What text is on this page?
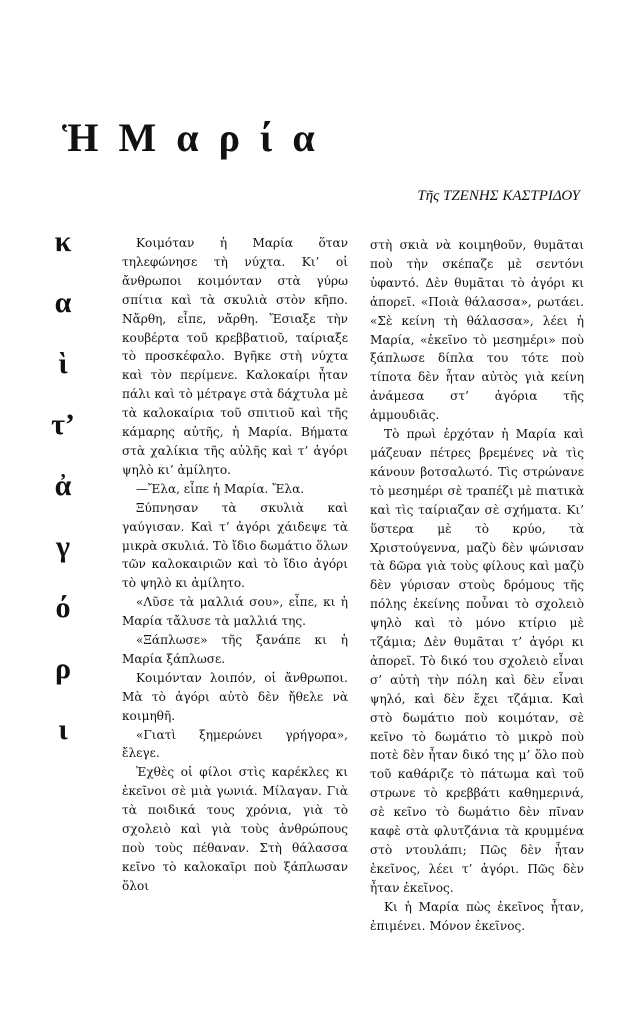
Ἡ Μαρία
Τῆς ΤΖΕΝΗΣ ΚΑΣΤΡΙΔΟΥ
κ
α
ὶ
τ’
ἀ
γ
ό
ρ
ι

Κοιμόταν ἡ Μαρία ὅταν τηλεφώνησε τὴ νύχτα. Κι’ οἱ ἄνθρωποι κοιμόνταν στὰ γύρω σπίτια καὶ τὰ σκυλιὰ στὸν κῆπο. Νἄρθη, εἶπε, νἄρθη. Ἔσιαξε τὴν κουβέρτα τοῦ κρεββατιοῦ, ταίριαξε τὸ προσκέφαλο. Βγῆκε στὴ νύχτα καὶ τὸν περίμενε. Καλοκαίρι ἦταν πάλι καὶ τὸ μέτραγε στὰ δάχτυλα μὲ τὰ καλοκαίρια τοῦ σπιτιοῦ καὶ τῆς κάμαρης αὐτῆς, ἡ Μαρία. Βήματα στὰ χαλίκια τῆς αὐλῆς καὶ τ’ ἀγόρι ψηλὸ κι’ ἀμίλητο.

—Ἔλα, εἶπε ἡ Μαρία. Ἔλα.

Ξύπνησαν τὰ σκυλιὰ καὶ γαύγισαν. Καὶ τ’ ἀγόρι χάιδεψε τὰ μικρὰ σκυλιά. Τὸ ἴδιο δωμάτιο ὅλων τῶν καλοκαιριῶν καὶ τὸ ἴδιο ἀγόρι τὸ ψηλὸ κι ἀμίλητο.

«Λῦσε τὰ μαλλιά σου», εἶπε, κι ἡ Μαρία τἄλυσε τὰ μαλλιά της.

«Ξάπλωσε» τῆς ξανάπε κι ἡ Μαρία ξάπλωσε.

Κοιμόνταν λοιπόν, οἱ ἄνθρωποι. Μὰ τὸ ἀγόρι αὐτὸ δὲν ἤθελε νὰ κοιμηθῆ.

«Γιατὶ ξημερώνει γρήγορα», ἔλεγε.

Ἐχθὲς οἱ φίλοι στὶς καρέκλες κι ἐκεῖνοι σὲ μιὰ γωνιά. Μίλαγαν. Γιὰ τὰ ποιδικά τους χρόνια, γιὰ τὸ σχολειὸ καὶ γιὰ τοὺς ἀνθρώπους ποὺ τοὺς πέθαναν. Στὴ θάλασσα κεῖνο τὸ καλοκαῖρι ποὺ ξάπλωσαν ὅλοι

στὴ σκιὰ νὰ κοιμηθοῦν, θυμᾶται ποὺ τὴν σκέπαζε μὲ σεντόνι ὑφαντό. Δὲν θυμᾶται τὸ ἀγόρι κι ἀπορεῖ. «Ποιὰ θάλασσα», ρωτάει. «Σὲ κείνη τὴ θάλασσα», λέει ἡ Μαρία, «ἐκεῖνο τὸ μεσημέρι» ποὺ ξάπλωσε δίπλα του τότε ποὺ τίποτα δὲν ἦταν αὐτὸς γιὰ κείνη ἀνάμεσα στ’ ἀγόρια τῆς ἀμμουδιᾶς.

Τὸ πρωὶ ἐρχόταν ἡ Μαρία καὶ μάζευαν πέτρες βρεμένες νὰ τὶς κάνουν βοτσαλωτό. Τὶς στρώνανε τὸ μεσημέρι σὲ τραπέζι μὲ πιατικὰ καὶ τὶς ταίριαζαν σὲ σχήματα. Κι’ ὕστερα μὲ τὸ κρύο, τὰ Χριστούγεννα, μαζὺ δὲν ψώνισαν τὰ δῶρα γιὰ τοὺς φίλους καὶ μαζὺ δὲν γύρισαν στοὺς δρόμους τῆς πόλης ἐκείνης ποὖναι τὸ σχολειὸ ψηλὸ καὶ τὸ μόνο κτίριο μὲ τζάμια; Δὲν θυμᾶται τ’ ἀγόρι κι ἀπορεῖ. Τὸ δικό του σχολειὸ εἶναι σ’ αὐτὴ τὴν πόλη καὶ δὲν εἶναι ψηλό, καὶ δὲν ἔχει τζάμια. Καὶ στὸ δωμάτιο ποὺ κοιμόταν, σὲ κεῖνο τὸ δωμάτιο τὸ μικρὸ ποὺ ποτὲ δὲν ἦταν δικό της μ’ ὅλο ποὺ τοῦ καθάριζε τὸ πάτωμα καὶ τοῦ στρωνε τὸ κρεββάτι καθημερινά, σὲ κεῖνο τὸ δωμάτιο δὲν πῖναν καφὲ στὰ φλυτζάνια τὰ κρυμμένα στὸ ντουλάπι; Πῶς δὲν ἦταν ἐκεῖνος, λέει τ’ ἀγόρι. Πῶς δὲν ἦταν ἐκεῖνος.

Κι ἡ Μαρία πὼς ἐκεῖνος ἦταν, ἐπιμένει. Μόνον ἐκεῖνος.
